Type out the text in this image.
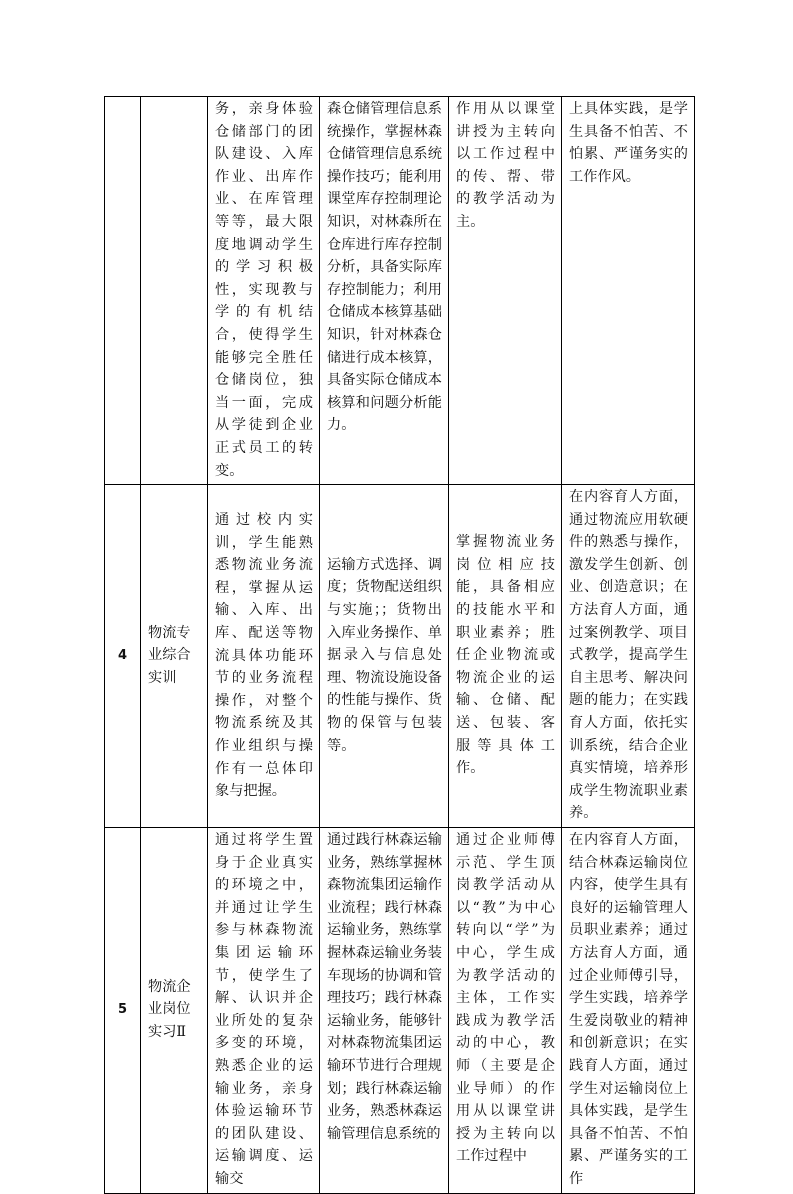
		务，亲身体验仓储部门的团队建设、入库作业、出库作业、在库管理等等，最大限度地调动学生的学习积极性，实现教与学的有机结合，使得学生能够完全胜任仓储岗位，独当一面，完成从学徒到企业正式员工的转变。	森仓储管理信息系统操作，掌握林森仓储管理信息系统操作技巧；能利用课堂库存控制理论知识，对林森所在仓库进行库存控制分析，具备实际库存控制能力；利用仓储成本核算基础知识，针对林森仓储进行成本核算，具备实际仓储成本核算和问题分析能力。	作用从以课堂讲授为主转向以工作过程中的传、帮、带的教学活动为主。	上具体实践，是学生具备不怕苦、不怕累、严谨务实的工作作风。
4	物流专业综合实训	通过校内实训，学生能熟悉物流业务流程，掌握从运输、入库、出库、配送等物流具体功能环节的业务流程操作，对整个物流系统及其作业组织与操作有一总体印象与把握。	运输方式选择、调度；货物配送组织与实施；；货物出入库业务操作、单据录入与信息处理、物流设施设备的性能与操作、货物的保管与包装等。	掌握物流业务岗位相应技能，具备相应的技能水平和职业素养；胜任企业物流或物流企业的运输、仓储、配送、包装、客服等具体工作。	在内容育人方面，通过物流应用软硬件的熟悉与操作，激发学生创新、创业、创造意识；在方法育人方面，通过案例教学、项目式教学，提高学生自主思考、解决问题的能力；在实践育人方面，依托实训系统，结合企业真实情境，培养形成学生物流职业素养。
5	物流企业岗位实习Ⅱ	通过将学生置身于企业真实的环境之中，并通过让学生参与林森物流集团运输环节，使学生了解、认识并企业所处的复杂多变的环境，熟悉企业的运输业务，亲身体验运输环节的团队建设、运输调度、运输交	通过践行林森运输业务，熟练掌握林森物流集团运输作业流程；践行林森运输业务，熟练掌握林森运输业务装车现场的协调和管理技巧；践行林森运输业务，能够针对林森物流集团运输环节进行合理规划；践行林森运输业务，熟悉林森运输管理信息系统的	通过企业师傅示范、学生顶岗教学活动从以“教”为中心转向以“学”为中心，学生成为教学活动的主体，工作实践成为教学活动的中心，教师（主要是企业导师）的作用从以课堂讲授为主转向以工作过程中	在内容育人方面，结合林森运输岗位内容，使学生具有良好的运输管理人员职业素养；通过方法育人方面，通过企业师傅引导，学生实践，培养学生爱岗敬业的精神和创新意识；在实践育人方面，通过学生对运输岗位上具体实践，是学生具备不怕苦、不怕累、严谨务实的工作
